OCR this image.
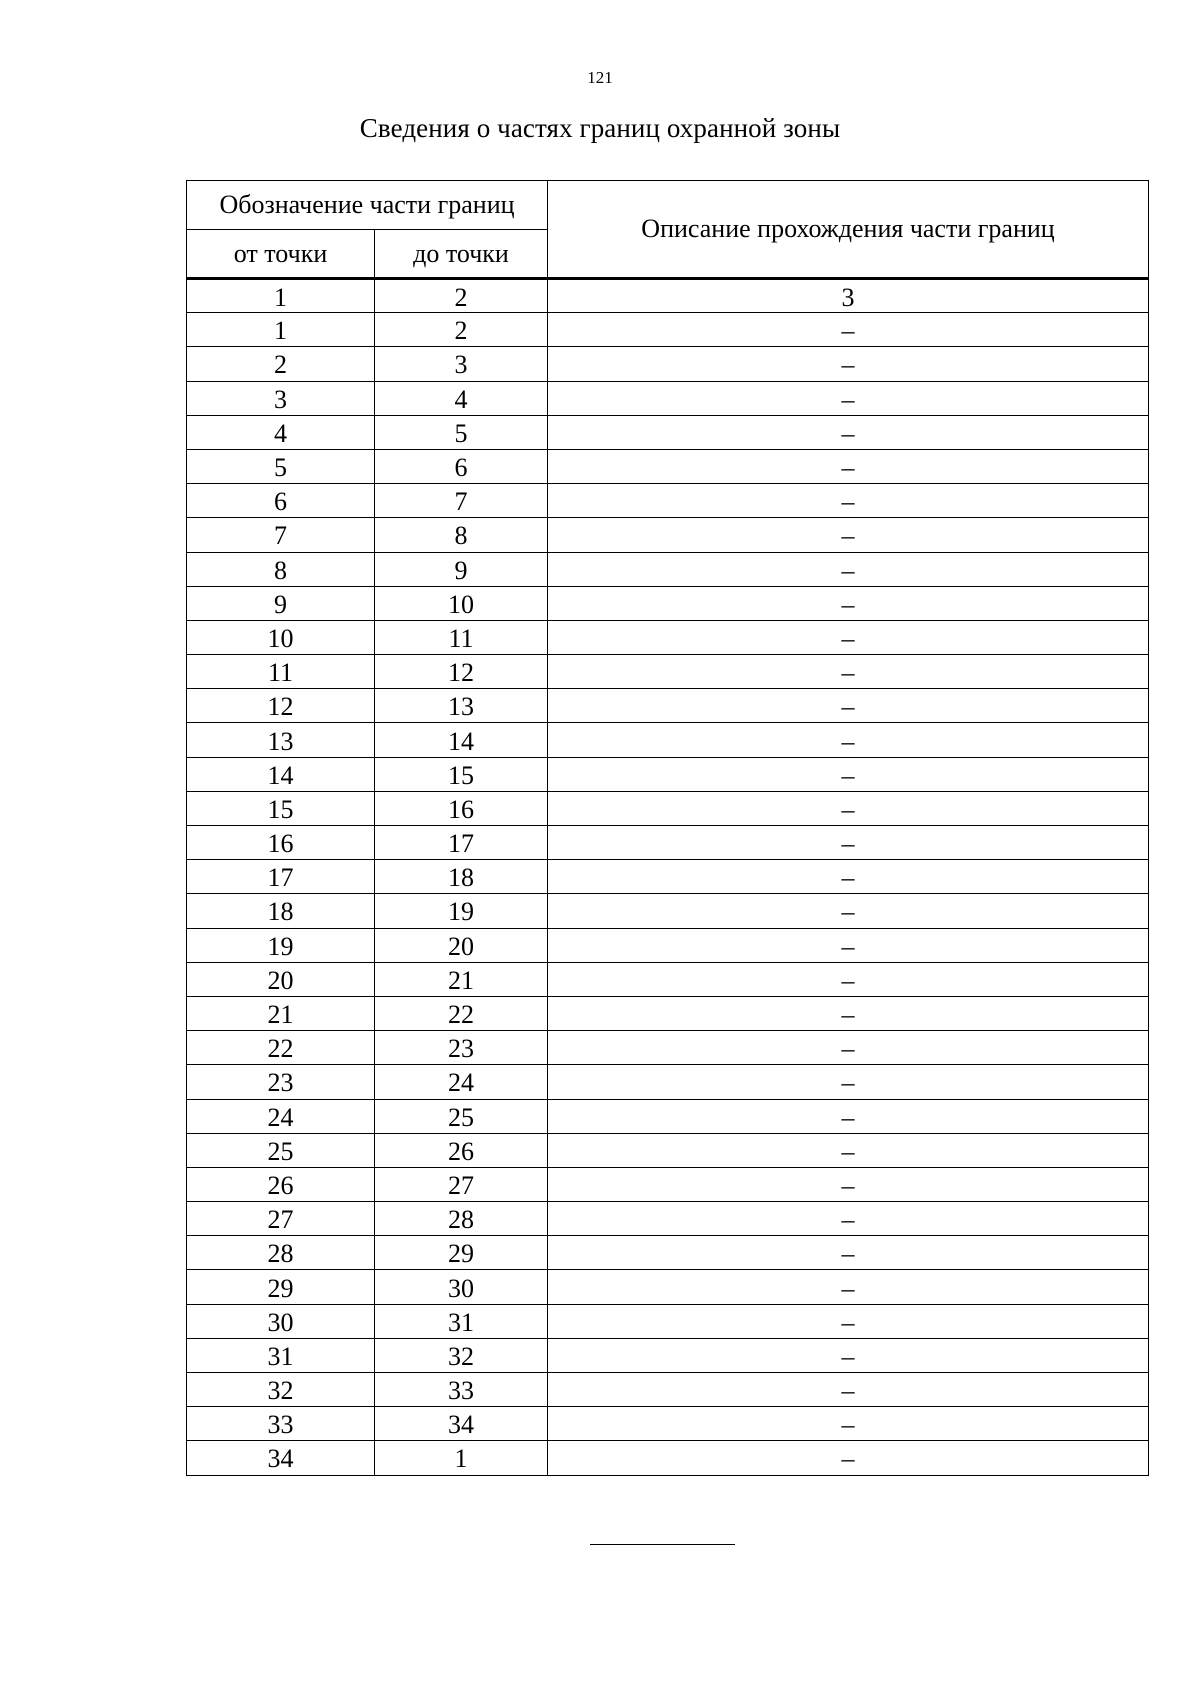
121
Сведения о частях границ охранной зоны
Обозначение части границ		Описание прохождения части границ
от точки	до точки	
1	2	3
1	2	–
2	3	–
3	4	–
4	5	–
5	6	–
6	7	–
7	8	–
8	9	–
9	10	–
10	11	–
11	12	–
12	13	–
13	14	–
14	15	–
15	16	–
16	17	–
17	18	–
18	19	–
19	20	–
20	21	–
21	22	–
22	23	–
23	24	–
24	25	–
25	26	–
26	27	–
27	28	–
28	29	–
29	30	–
30	31	–
31	32	–
32	33	–
33	34	–
34	1	–
